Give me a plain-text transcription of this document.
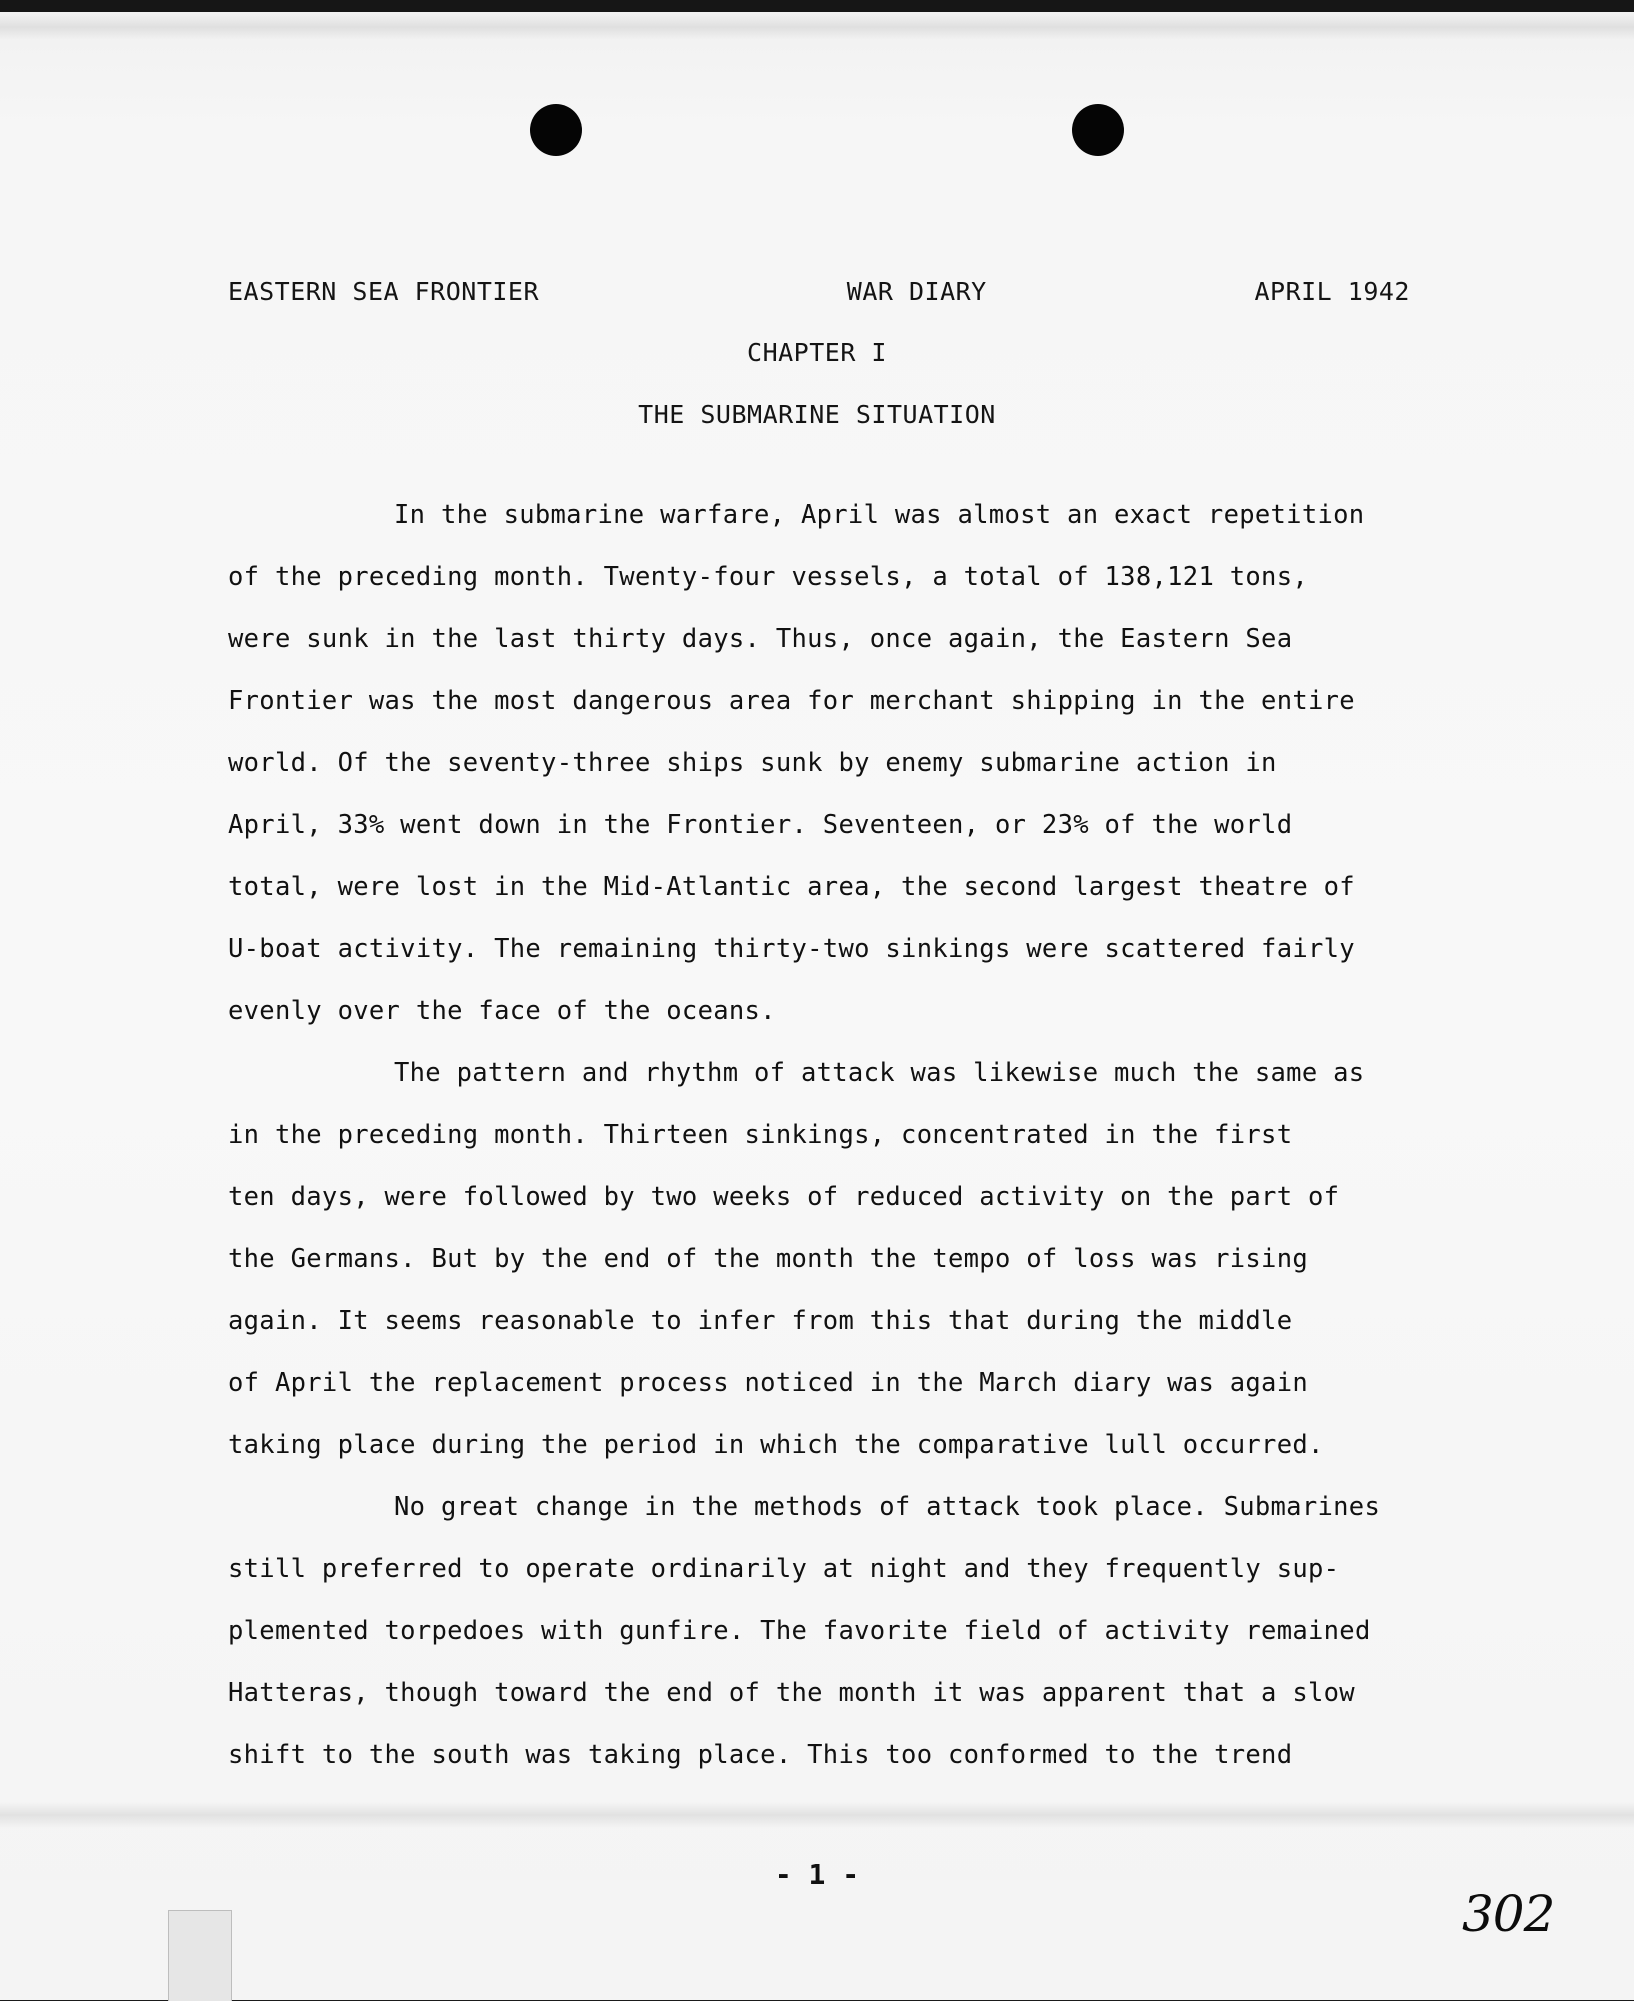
EASTERN SEA FRONTIER	WAR DIARY	APRIL 1942
CHAPTER I
THE SUBMARINE SITUATION

In the submarine warfare, April was almost an exact repetition

of the preceding month. Twenty-four vessels, a total of 138,121 tons,

were sunk in the last thirty days. Thus, once again, the Eastern Sea

Frontier was the most dangerous area for merchant shipping in the entire

world. Of the seventy-three ships sunk by enemy submarine action in

April, 33% went down in the Frontier. Seventeen, or 23% of the world

total, were lost in the Mid-Atlantic area, the second largest theatre of

U-boat activity. The remaining thirty-two sinkings were scattered fairly

evenly over the face of the oceans.

The pattern and rhythm of attack was likewise much the same as

in the preceding month. Thirteen sinkings, concentrated in the first

ten days, were followed by two weeks of reduced activity on the part of

the Germans. But by the end of the month the tempo of loss was rising

again. It seems reasonable to infer from this that during the middle

of April the replacement process noticed in the March diary was again

taking place during the period in which the comparative lull occurred.

No great change in the methods of attack took place. Submarines

still preferred to operate ordinarily at night and they frequently sup-

plemented torpedoes with gunfire. The favorite field of activity remained

Hatteras, though toward the end of the month it was apparent that a slow

shift to the south was taking place. This too conformed to the trend

- 1 -
302
